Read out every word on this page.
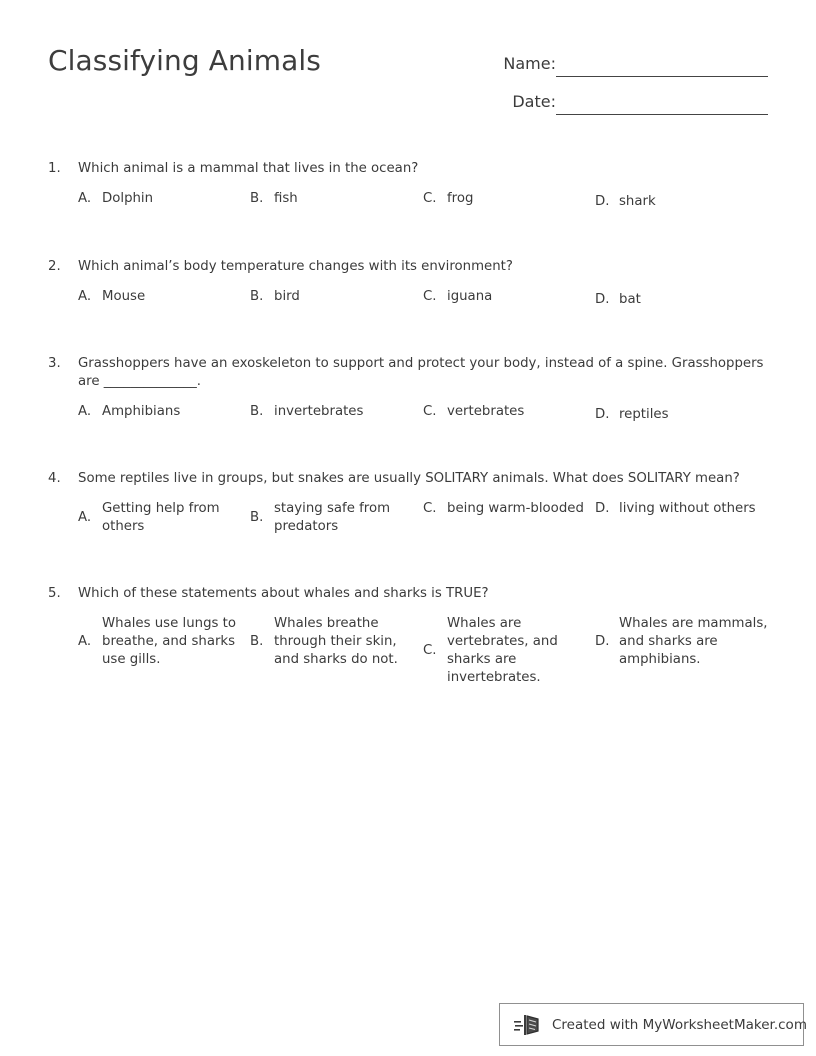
Classifying Animals	Name:
Date:
1. Which animal is a mammal that lives in the ocean?
A. Dolphin	B. fish	C. frog	D. shark
2. Which animal’s body temperature changes with its environment?
A. Mouse	B. bird	C. iguana	D. bat
3. Grasshoppers have an exoskeleton to support and protect your body, instead of a spine. Grasshoppers are ______________.
A. Amphibians	B. invertebrates	C. vertebrates	D. reptiles
4. Some reptiles live in groups, but snakes are usually SOLITARY animals. What does SOLITARY mean?
A.
Getting help from others
B.
staying safe from predators
C. being warm-blooded D. living without others
5. Which of these statements about whales and sharks is TRUE?
A.
Whales use lungs to breathe, and sharks use gills.
B.
Whales breathe through their skin, and sharks do not.
C.
Whales are vertebrates, and sharks are invertebrates.
D.
Whales are mammals, and sharks are amphibians.
Created with MyWorksheetMaker.com
